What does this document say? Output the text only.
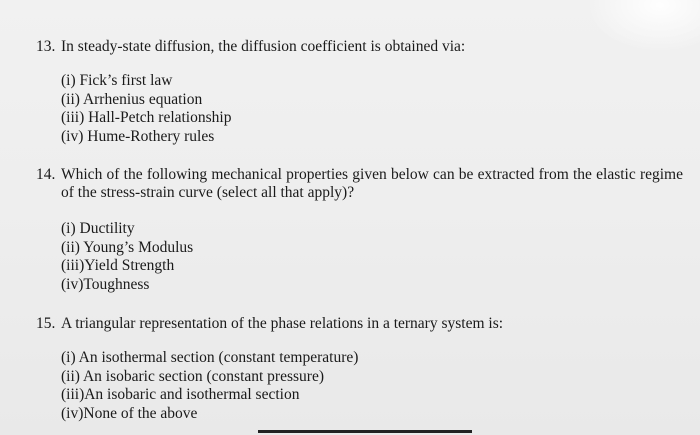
13. In steady-state diffusion, the diffusion coefficient is obtained via:
(i) Fick’s first law
(ii) Arrhenius equation
(iii) Hall-Petch relationship
(iv) Hume-Rothery rules
14. Which of the following mechanical properties given below can be extracted from the elastic regime of the stress-strain curve (select all that apply)?
(i) Ductility
(ii) Young’s Modulus
(iii)Yield Strength
(iv)Toughness
15. A triangular representation of the phase relations in a ternary system is:
(i) An isothermal section (constant temperature)
(ii) An isobaric section (constant pressure)
(iii)An isobaric and isothermal section
(iv)None of the above
